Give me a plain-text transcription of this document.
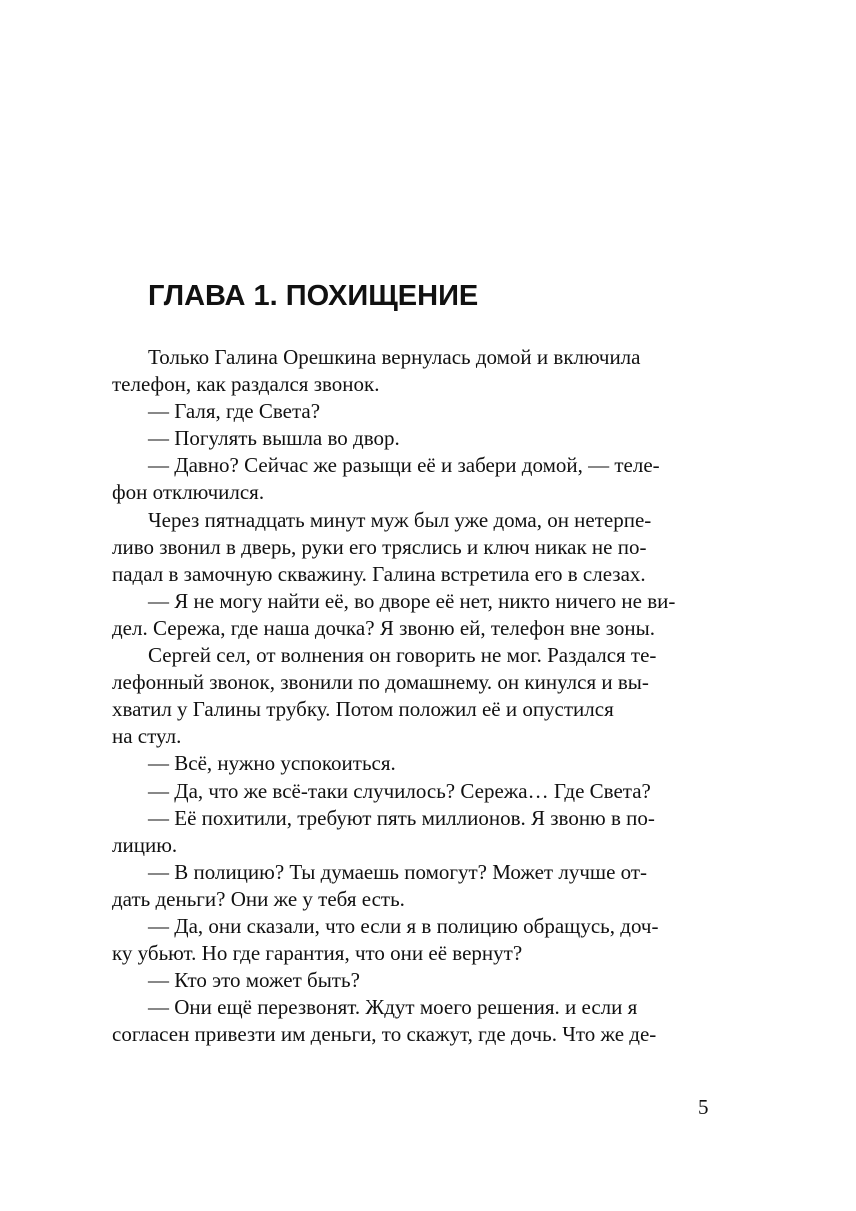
ГЛАВА 1. ПОХИЩЕНИЕ
Только Галина Орешкина вернулась домой и включила
телефон, как раздался звонок.
— Галя, где Света?
— Погулять вышла во двор.
— Давно? Сейчас же разыщи её и забери домой, — теле-
фон отключился.
Через пятнадцать минут муж был уже дома, он нетерпе-
ливо звонил в дверь, руки его тряслись и ключ никак не по-
падал в замочную скважину. Галина встретила его в слезах.
— Я не могу найти её, во дворе её нет, никто ничего не ви-
дел. Сережа, где наша дочка? Я звоню ей, телефон вне зоны.
Сергей сел, от волнения он говорить не мог. Раздался те-
лефонный звонок, звонили по домашнему. он кинулся и вы-
хватил у Галины трубку. Потом положил её и опустился
на стул.
— Всё, нужно успокоиться.
— Да, что же всё-таки случилось? Сережа… Где Света?
— Её похитили, требуют пять миллионов. Я звоню в по-
лицию.
— В полицию? Ты думаешь помогут? Может лучше от-
дать деньги? Они же у тебя есть.
— Да, они сказали, что если я в полицию обращусь, доч-
ку убьют. Но где гарантия, что они её вернут?
— Кто это может быть?
— Они ещё перезвонят. Ждут моего решения. и если я
согласен привезти им деньги, то скажут, где дочь. Что же де-
5
